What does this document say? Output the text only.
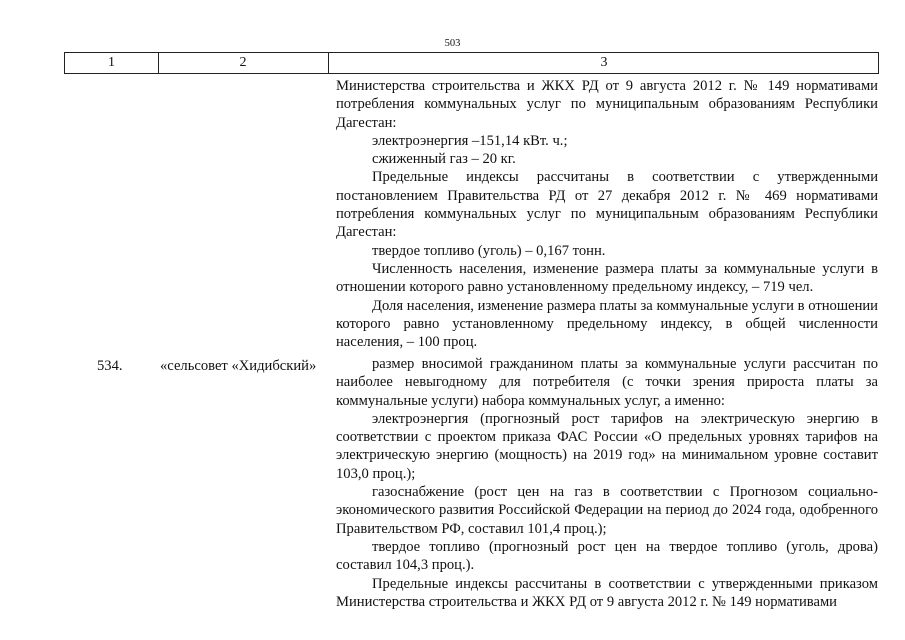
503
1	2	3

Министерства строительства и ЖКХ РД от 9 августа 2012 г. № 149 нормативами потребления коммунальных услуг по муниципальным образованиям Республики Дагестан:

электроэнергия –151,14 кВт. ч.;

сжиженный газ – 20 кг.

Предельные индексы рассчитаны в соответствии с утвержденными постановлением Правительства РД от 27 декабря 2012 г. № 469 нормативами потребления коммунальных услуг по муниципальным образованиям Республики Дагестан:

твердое топливо (уголь) – 0,167 тонн.

Численность населения, изменение размера платы за коммунальные услуги в отношении которого равно установленному предельному индексу, – 719 чел.

Доля населения, изменение размера платы за коммунальные услуги в отношении которого равно установленному предельному индексу, в общей численности населения, – 100 проц.

534.	«сельсовет «Хидибский»	размер вносимой гражданином платы за коммунальные услуги рассчитан по наиболее невыгодному для потребителя (с точки зрения прироста платы за коммунальные услуги) набора коммунальных услуг, а именно:

электроэнергия (прогнозный рост тарифов на электрическую энергию в соответствии с проектом приказа ФАС России «О предельных уровнях тарифов на электрическую энергию (мощность) на 2019 год» на минимальном уровне составит 103,0 проц.);

газоснабжение (рост цен на газ в соответствии с Прогнозом социально-экономического развития Российской Федерации на период до 2024 года, одобренного Правительством РФ, составил 101,4 проц.);

твердое топливо (прогнозный рост цен на твердое топливо (уголь, дрова) составил 104,3 проц.).

Предельные индексы рассчитаны в соответствии с утвержденными приказом Министерства строительства и ЖКХ РД от 9 августа 2012 г. № 149 нормативами
